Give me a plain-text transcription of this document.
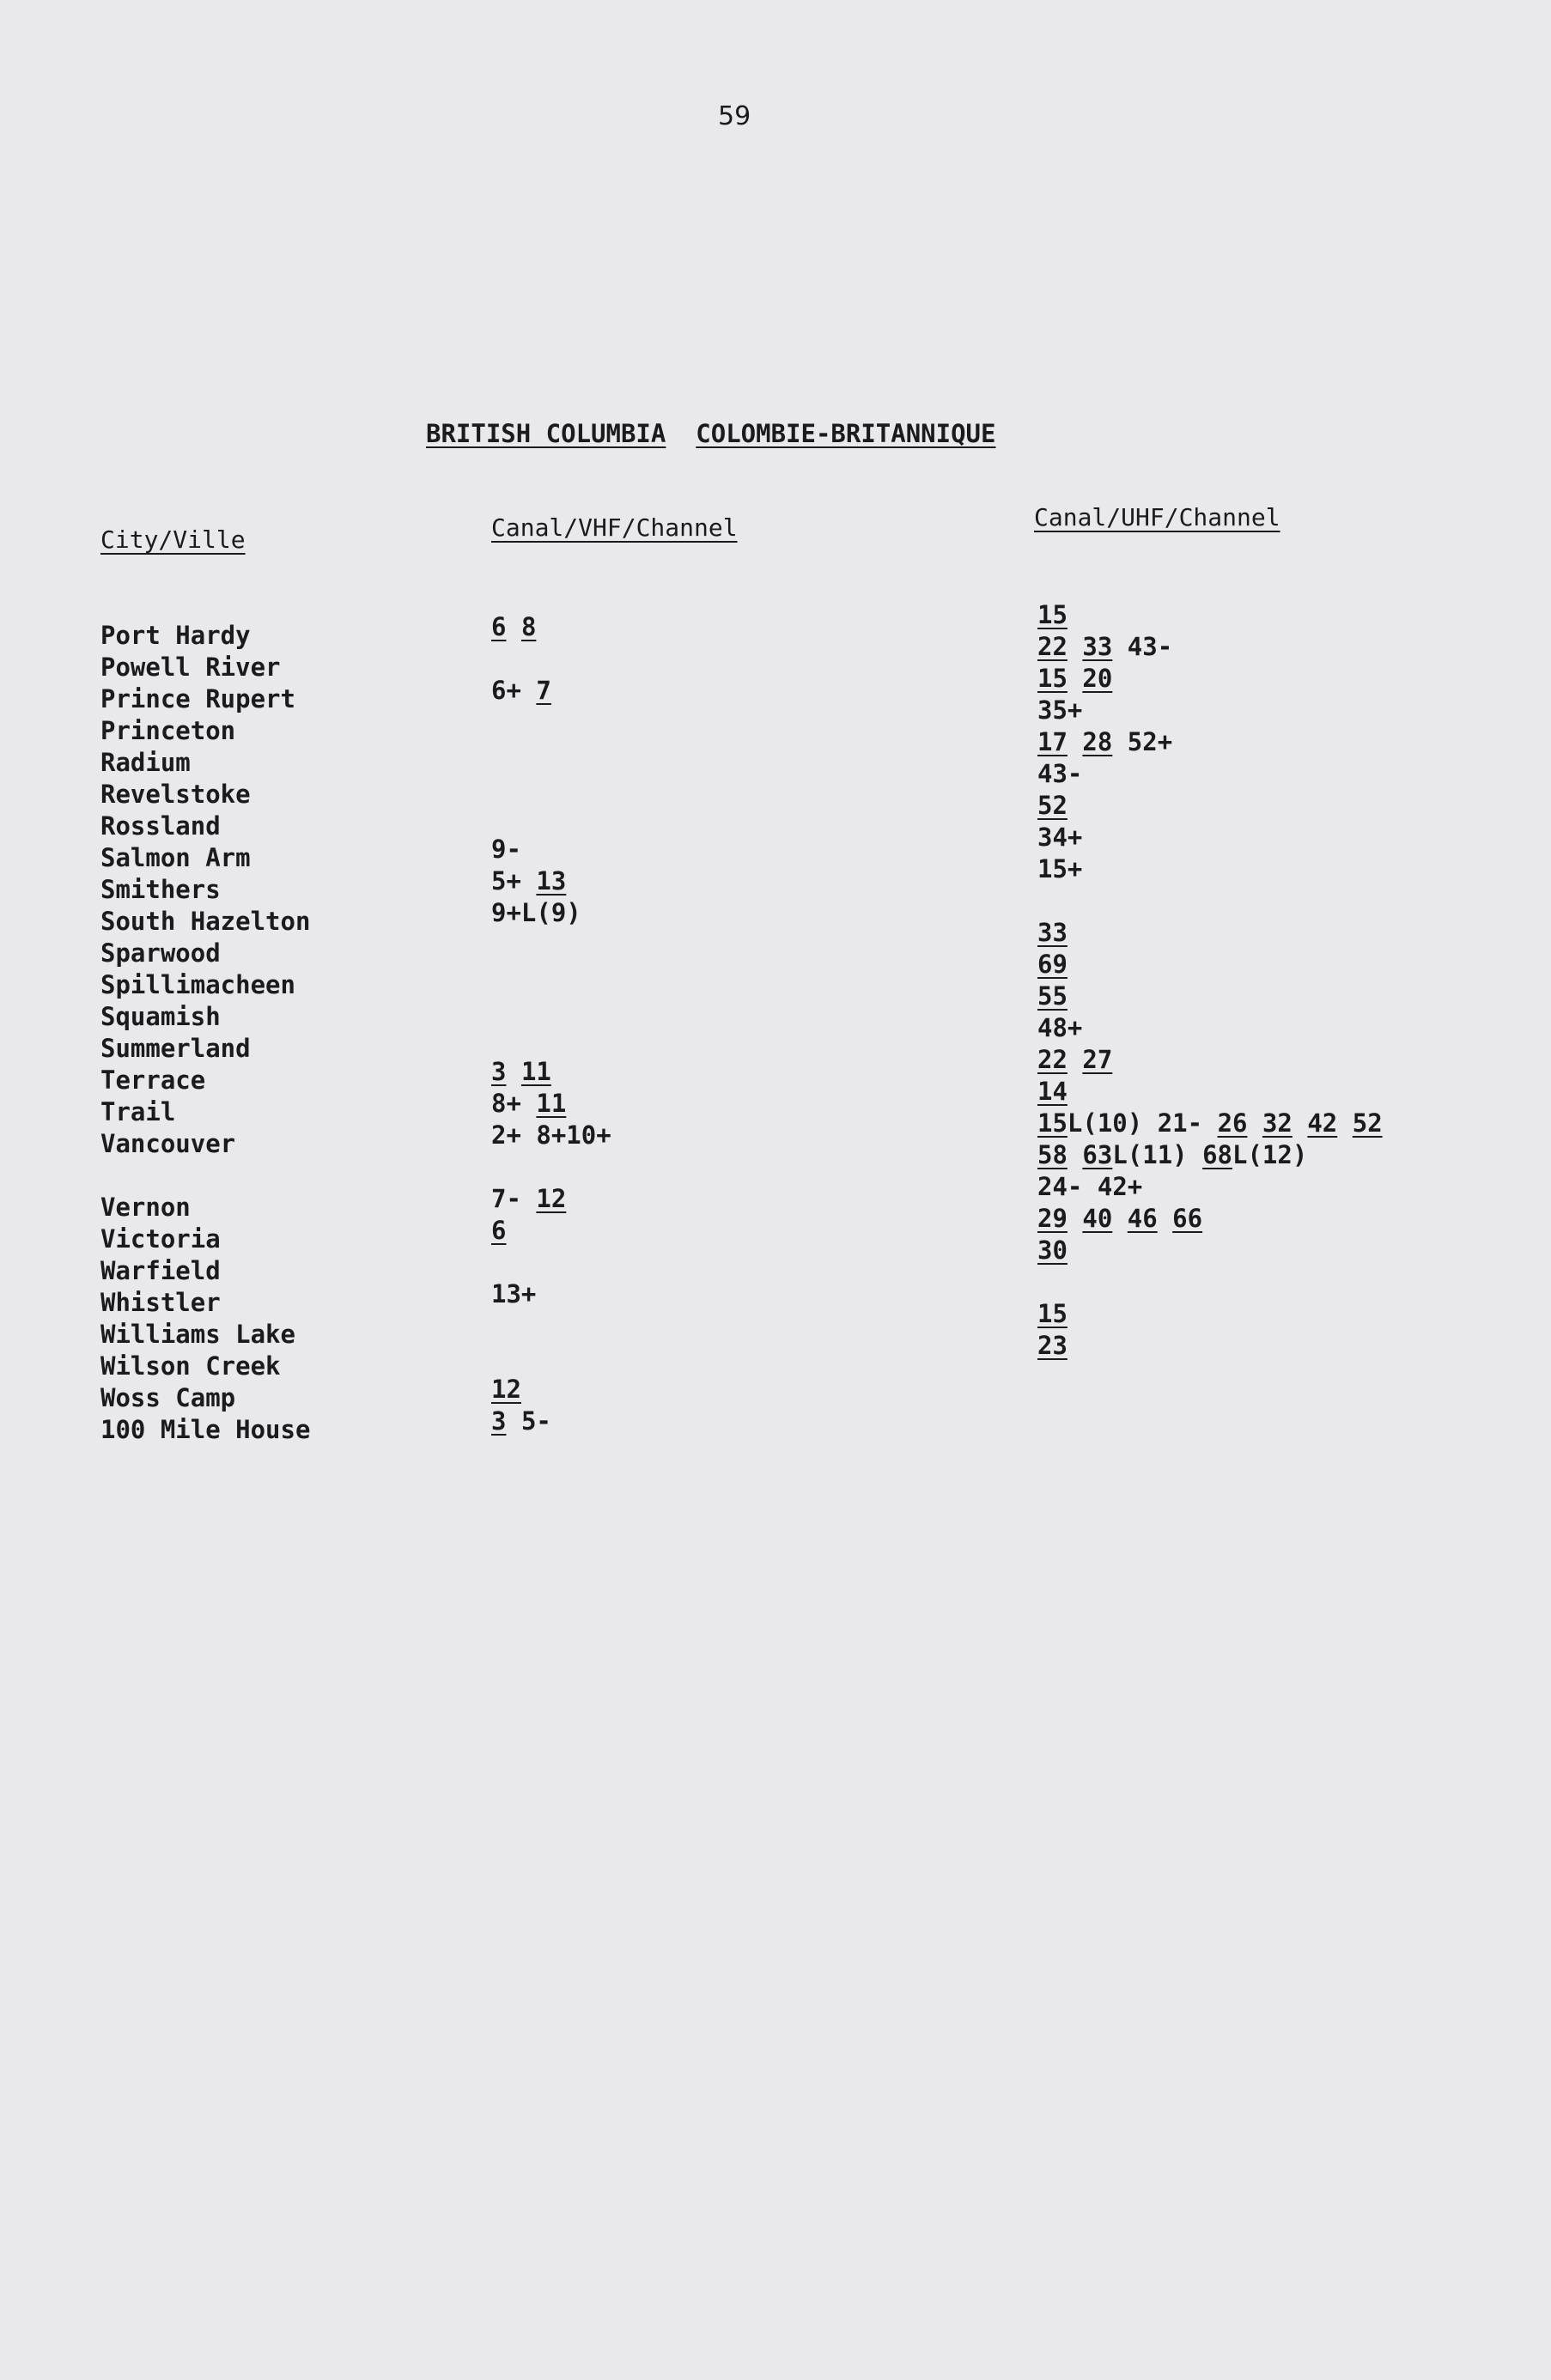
59
BRITISH COLUMBIA COLOMBIE-BRITANNIQUE
City/Ville	Canal/VHF/Channel	Canal/UHF/Channel
Port Hardy
Powell River
Prince Rupert
Princeton
Radium
Revelstoke
Rossland
Salmon Arm
Smithers
South Hazelton
Sparwood
Spillimacheen
Squamish
Summerland
Terrace
Trail
Vancouver
Vernon
Victoria
Warfield
Whistler
Williams Lake
Wilson Creek
Woss Camp
100 Mile House
6 8
6+ 7
9-
5+ 13
9+L(9)
3 11
8+ 11
2+ 8+10+
7- 12
6
13+
12
3 5-
15
22 33 43-
15 20
35+
17 28 52+
43-
52
34+
15+
33
69
55
48+
22 27
14
15L(10) 21- 26 32 42 52
58 63L(11) 68L(12)
24- 42+
29 40 46 66
30
15
23
